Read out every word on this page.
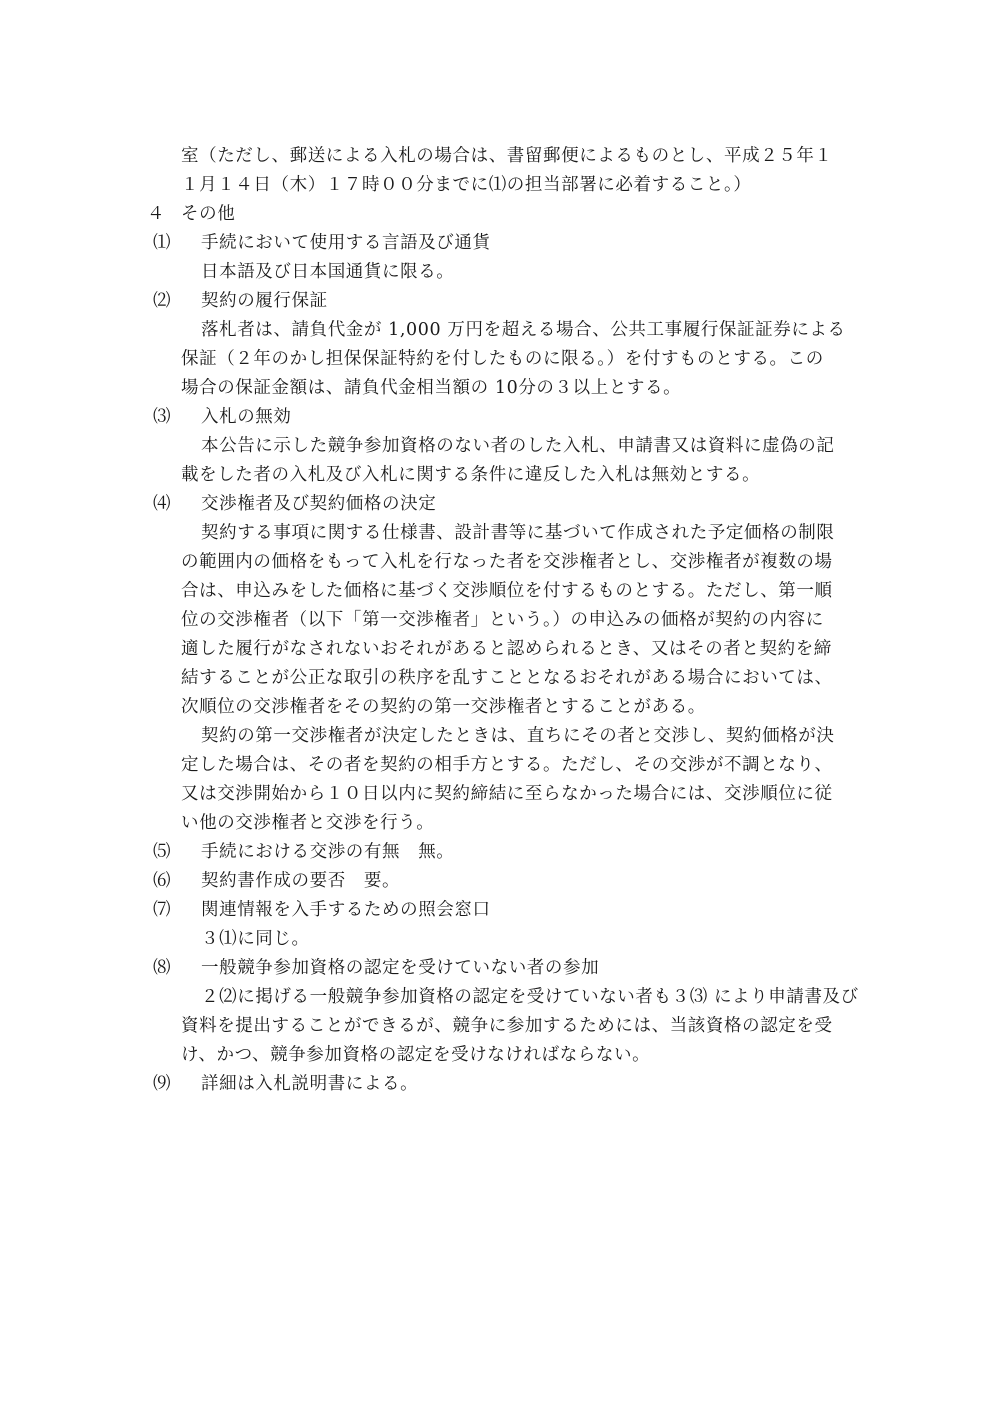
室（ただし、郵送による入札の場合は、書留郵便によるものとし、平成２５年１
１月１４日（木）１７時００分までに⑴の担当部署に必着すること。）
４ その他
⑴ 手続において使用する言語及び通貨
日本語及び日本国通貨に限る。
⑵ 契約の履行保証
落札者は、請負代金が 1,000 万円を超える場合、公共工事履行保証証券による
保証（２年のかし担保保証特約を付したものに限る。）を付すものとする。この
場合の保証金額は、請負代金相当額の 10分の３以上とする。
⑶ 入札の無効
本公告に示した競争参加資格のない者のした入札、申請書又は資料に虚偽の記
載をした者の入札及び入札に関する条件に違反した入札は無効とする。
⑷ 交渉権者及び契約価格の決定
契約する事項に関する仕様書、設計書等に基づいて作成された予定価格の制限
の範囲内の価格をもって入札を行なった者を交渉権者とし、交渉権者が複数の場
合は、申込みをした価格に基づく交渉順位を付するものとする。ただし、第一順
位の交渉権者（以下「第一交渉権者」という。）の申込みの価格が契約の内容に
適した履行がなされないおそれがあると認められるとき、又はその者と契約を締
結することが公正な取引の秩序を乱すこととなるおそれがある場合においては、
次順位の交渉権者をその契約の第一交渉権者とすることがある。
契約の第一交渉権者が決定したときは、直ちにその者と交渉し、契約価格が決
定した場合は、その者を契約の相手方とする。ただし、その交渉が不調となり、
又は交渉開始から１０日以内に契約締結に至らなかった場合には、交渉順位に従
い他の交渉権者と交渉を行う。
⑸ 手続における交渉の有無　無。
⑹ 契約書作成の要否　要。
⑺ 関連情報を入手するための照会窓口
３⑴に同じ。
⑻ 一般競争参加資格の認定を受けていない者の参加
２⑵に掲げる一般競争参加資格の認定を受けていない者も３⑶ により申請書及び
資料を提出することができるが、競争に参加するためには、当該資格の認定を受
け、かつ、競争参加資格の認定を受けなければならない。
⑼ 詳細は入札説明書による。
